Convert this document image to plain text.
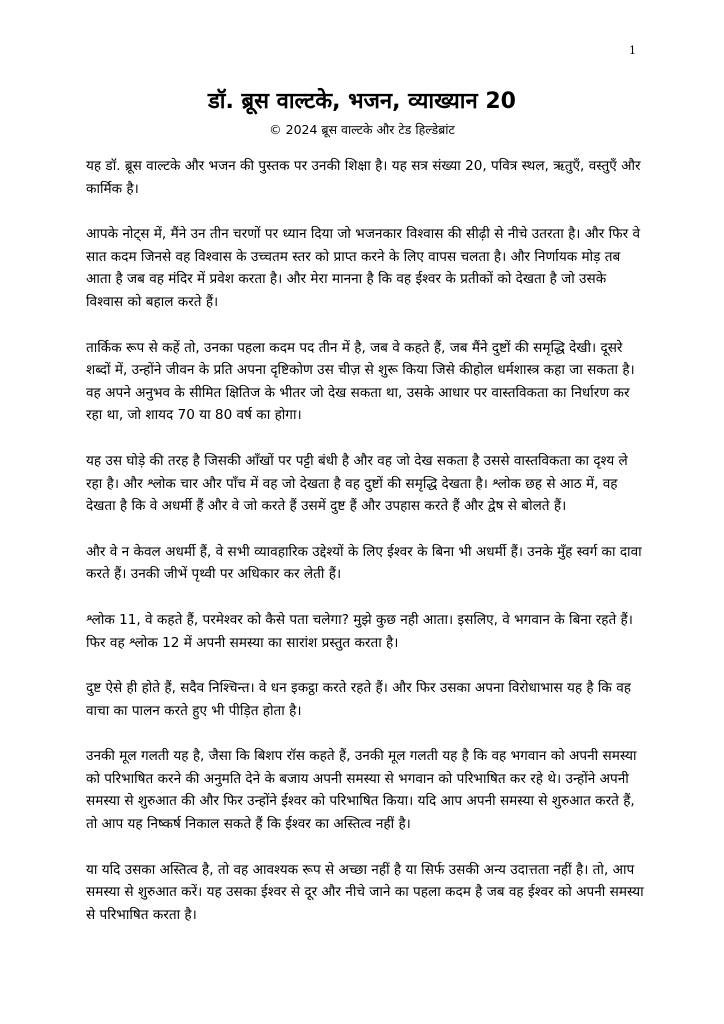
1
डॉ. ब्रूस वाल्टके, भजन, व्याख्यान 20

© 2024 ब्रूस वाल्टके और टेड हिल्डेब्रांट

यह डॉ. ब्रूस वाल्टके और भजन की पुस्तक पर उनकी शिक्षा है। यह सत्र संख्या 20, पवित्र स्थल, ऋतुएँ, वस्तुएँ और कार्मिक है।

आपके नोट्स में, मैंने उन तीन चरणों पर ध्यान दिया जो भजनकार विश्वास की सीढ़ी से नीचे उतरता है। और फिर वे सात कदम जिनसे वह विश्वास के उच्चतम स्तर को प्राप्त करने के लिए वापस चलता है। और निर्णायक मोड़ तब आता है जब वह मंदिर में प्रवेश करता है। और मेरा मानना है कि वह ईश्वर के प्रतीकों को देखता है जो उसके विश्वास को बहाल करते हैं।

तार्किक रूप से कहें तो, उनका पहला कदम पद तीन में है, जब वे कहते हैं, जब मैंने दुष्टों की समृद्धि देखी। दूसरे शब्दों में, उन्होंने जीवन के प्रति अपना दृष्टिकोण उस चीज़ से शुरू किया जिसे कीहोल धर्मशास्त्र कहा जा सकता है। वह अपने अनुभव के सीमित क्षितिज के भीतर जो देख सकता था, उसके आधार पर वास्तविकता का निर्धारण कर रहा था, जो शायद 70 या 80 वर्ष का होगा।

यह उस घोड़े की तरह है जिसकी आँखों पर पट्टी बंधी है और वह जो देख सकता है उससे वास्तविकता का दृश्य ले रहा है। और श्लोक चार और पाँच में वह जो देखता है वह दुष्टों की समृद्धि देखता है। श्लोक छह से आठ में, वह देखता है कि वे अधर्मी हैं और वे जो करते हैं उसमें दुष्ट हैं और उपहास करते हैं और द्वेष से बोलते हैं।

और वे न केवल अधर्मी हैं, वे सभी व्यावहारिक उद्देश्यों के लिए ईश्वर के बिना भी अधर्मी हैं। उनके मुँह स्वर्ग का दावा करते हैं। उनकी जीभें पृथ्वी पर अधिकार कर लेती हैं।

श्लोक 11, वे कहते हैं, परमेश्वर को कैसे पता चलेगा? मुझे कुछ नही आता। इसलिए, वे भगवान के बिना रहते हैं। फिर वह श्लोक 12 में अपनी समस्या का सारांश प्रस्तुत करता है।

दुष्ट ऐसे ही होते हैं, सदैव निश्चिन्त। वे धन इकट्ठा करते रहते हैं। और फिर उसका अपना विरोधाभास यह है कि वह वाचा का पालन करते हुए भी पीड़ित होता है।

उनकी मूल गलती यह है, जैसा कि बिशप रॉस कहते हैं, उनकी मूल गलती यह है कि वह भगवान को अपनी समस्या को परिभाषित करने की अनुमति देने के बजाय अपनी समस्या से भगवान को परिभाषित कर रहे थे। उन्होंने अपनी समस्या से शुरुआत की और फिर उन्होंने ईश्वर को परिभाषित किया। यदि आप अपनी समस्या से शुरुआत करते हैं, तो आप यह निष्कर्ष निकाल सकते हैं कि ईश्वर का अस्तित्व नहीं है।

या यदि उसका अस्तित्व है, तो वह आवश्यक रूप से अच्छा नहीं है या सिर्फ उसकी अन्य उदात्तता नहीं है। तो, आप समस्या से शुरुआत करें। यह उसका ईश्वर से दूर और नीचे जाने का पहला कदम है जब वह ईश्वर को अपनी समस्या से परिभाषित करता है।
